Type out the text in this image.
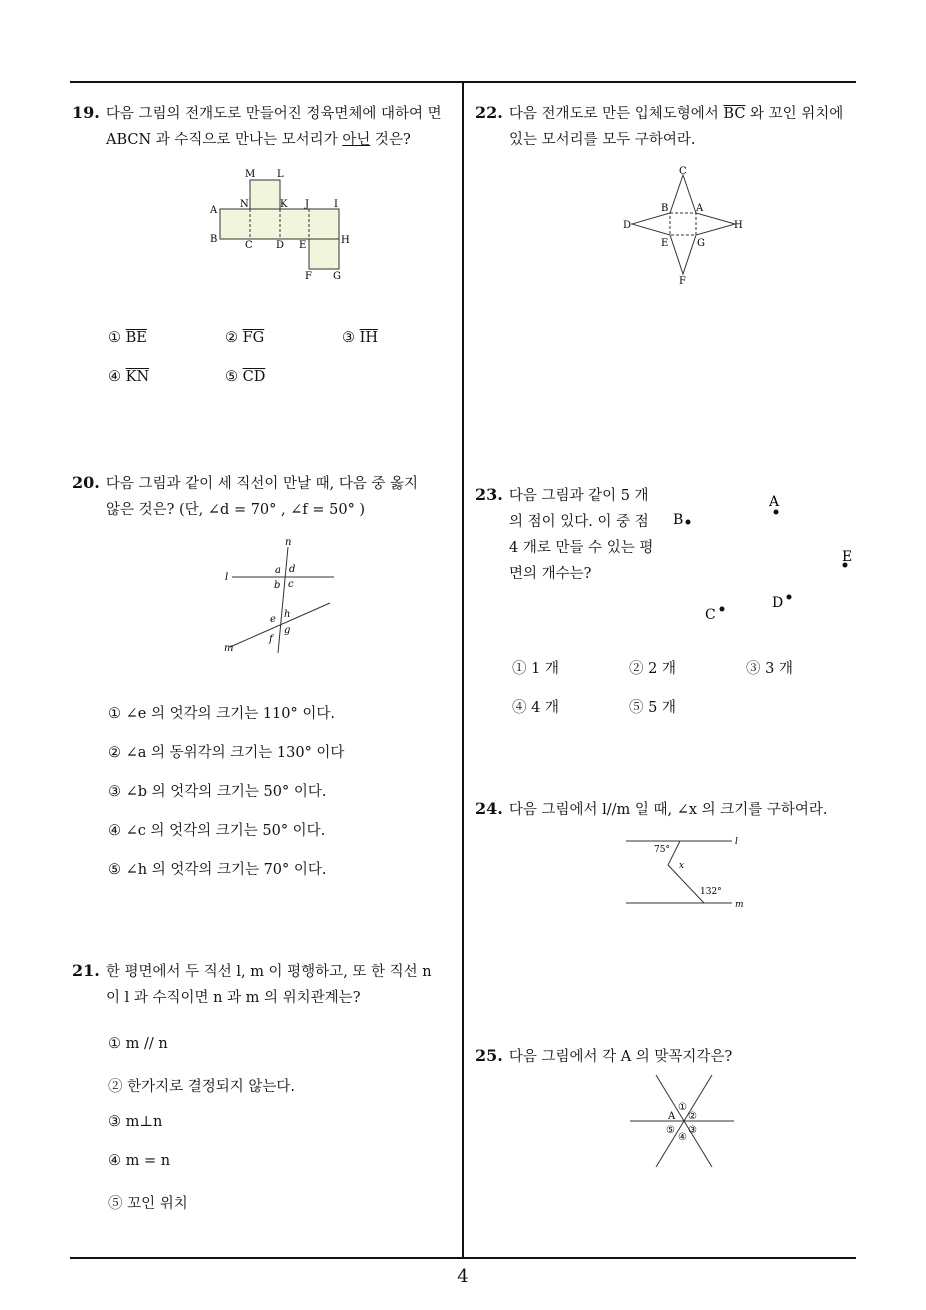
19. 다음 그림의 전개도로 만들어진 정육면체에 대하여 면
ABCN 과 수직으로 만나는 모서리가 아닌 것은?
M L
A
N	K J I
B
C D E	H
F G
① $\overline{BE}$	② $\overline{FG}$	③ $\overline{IH}$
④ $\overline{KN}$	⑤ $\overline{CD}$
20. 다음 그림과 같이 세 직선이 만날 때, 다음 중 옳지
않은 것은? (단, ∠d = 70° , ∠f = 50° )
n
l
m
a d
b c
e h
f
g
① ∠e 의 엇각의 크기는 110° 이다.
② ∠a 의 동위각의 크기는 130° 이다
③ ∠b 의 엇각의 크기는 50° 이다.
④ ∠c 의 엇각의 크기는 50° 이다.
⑤ ∠h 의 엇각의 크기는 70° 이다.
21. 한 평면에서 두 직선 l, m 이 평행하고, 또 한 직선 n
이 l 과 수직이면 n 과 m 의 위치관계는?
① m // n
② 한가지로 결정되지 않는다.
③ m⊥n
④ m = n
⑤ 꼬인 위치
22. 다음 전개도로 만든 입체도형에서 $\overline{BC}$ 와 꼬인 위치에
있는 모서리를 모두 구하여라.
C
B	A
D	H
E	G
F
23. 다음 그림과 같이 5 개
의 점이 있다. 이 중 점
4 개로 만들 수 있는 평
면의 개수는?
A
B
E
D
C
① 1 개	② 2 개	③ 3 개
④ 4 개	⑤ 5 개
24. 다음 그림에서 l//m 일 때, ∠x 의 크기를 구하여라.
l
m
75°
x
132°
25. 다음 그림에서 각 A 의 맞꼭지각은?
A
①
②
③
④
⑤
4
